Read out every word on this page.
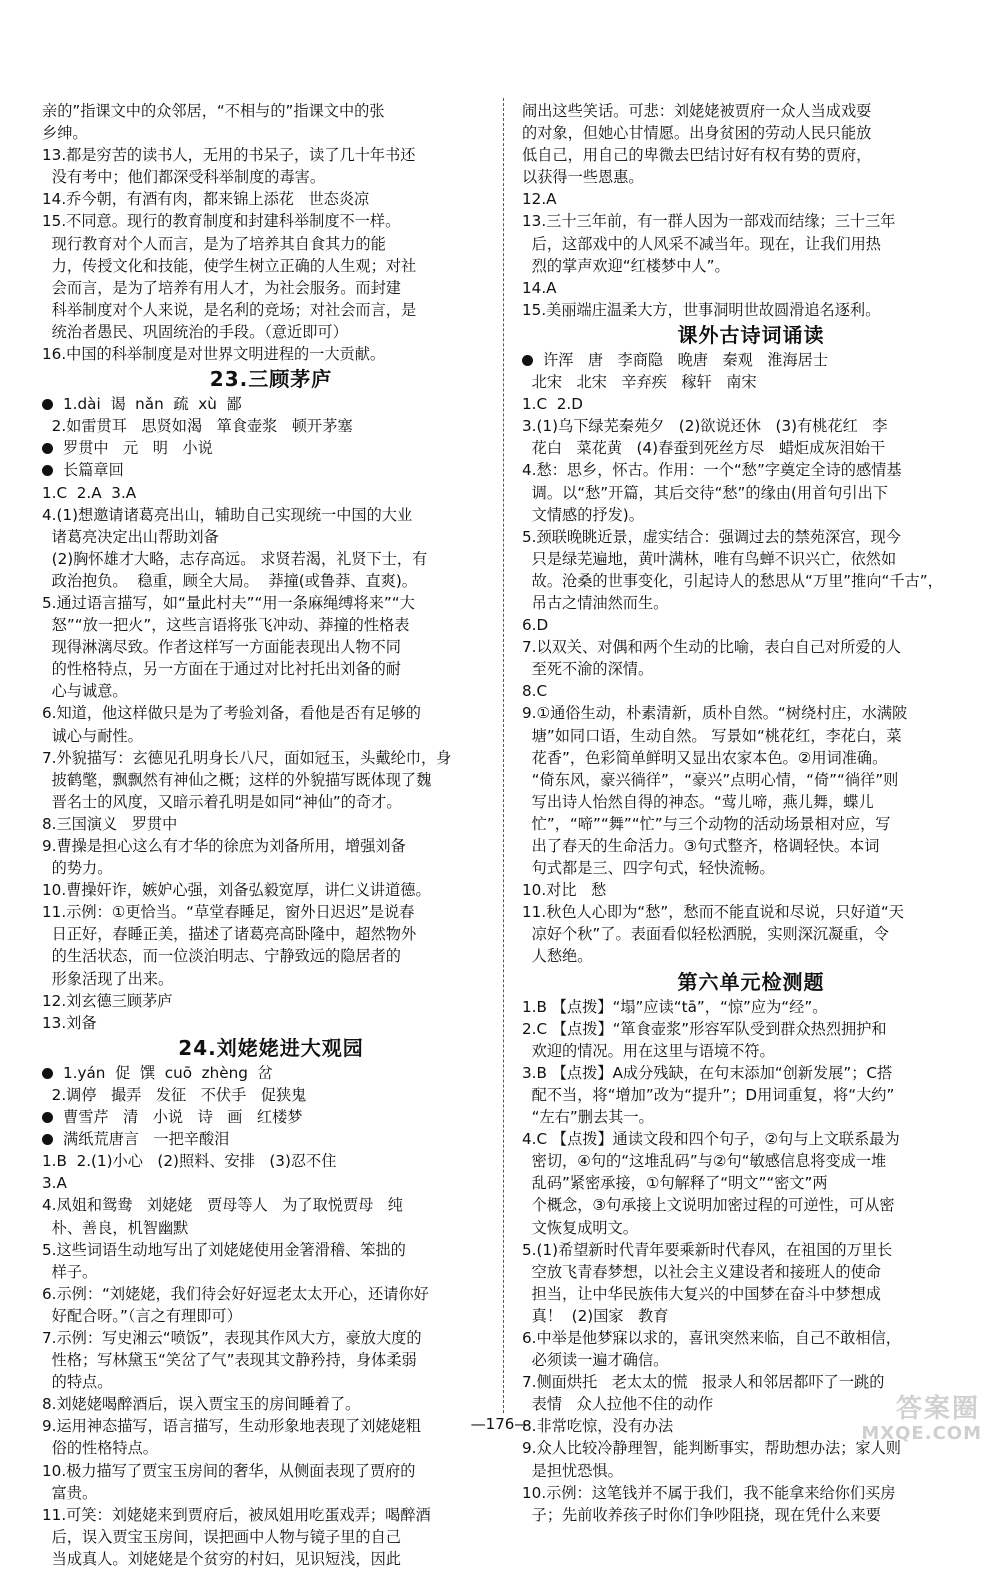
亲的”指课文中的众邻居，“不相与的”指课文中的张
乡绅。
13.都是穷苦的读书人，无用的书呆子，读了几十年书还
没有考中；他们都深受科举制度的毒害。
14.乔今朝，有酒有肉，都来锦上添花   世态炎凉
15.不同意。现行的教育制度和封建科举制度不一样。
现行教育对个人而言，是为了培养其自食其力的能
力，传授文化和技能，使学生树立正确的人生观；对社
会而言，是为了培养有用人才，为社会服务。而封建
科举制度对个人来说，是名利的竞场；对社会而言，是
统治者愚民、巩固统治的手段。（意近即可）
16.中国的科举制度是对世界文明进程的一大贡献。
23.三顾茅庐
1.dài  谒  nǎn  疏  xù  鄙
2.如雷贯耳   思贤如渴   箪食壶浆   顿开茅塞
罗贯中   元   明   小说
长篇章回
1.C  2.A  3.A
4.(1)想邀请诸葛亮出山，辅助自己实现统一中国的大业
诸葛亮决定出山帮助刘备
(2)胸怀雄才大略，志存高远。 求贤若渴，礼贤下士，有
政治抱负。  稳重，顾全大局。  莽撞(或鲁莽、直爽)。
5.通过语言描写，如“量此村夫”“用一条麻绳缚将来”“大
怒”“放一把火”，这些言语将张飞冲动、莽撞的性格表
现得淋漓尽致。作者这样写一方面能表现出人物不同
的性格特点，另一方面在于通过对比衬托出刘备的耐
心与诚意。
6.知道，他这样做只是为了考验刘备，看他是否有足够的
诚心与耐性。
7.外貌描写：玄德见孔明身长八尺，面如冠玉，头戴纶巾，身
披鹤氅，飘飘然有神仙之概；这样的外貌描写既体现了魏
晋名士的风度，又暗示着孔明是如同“神仙”的奇才。
8.三国演义   罗贯中
9.曹操是担心这么有才华的徐庶为刘备所用，增强刘备
的势力。
10.曹操奸诈，嫉妒心强，刘备弘毅宽厚，讲仁义讲道德。
11.示例：①更恰当。“草堂春睡足，窗外日迟迟”是说春
日正好，春睡正美，描述了诸葛亮高卧隆中，超然物外
的生活状态，而一位淡泊明志、宁静致远的隐居者的
形象活现了出来。
12.刘玄德三顾茅庐
13.刘备
24.刘姥姥进大观园
1.yán  促  馔  cuō  zhèng  岔
2.调停   撮弄   发征   不伏手   促狭鬼
曹雪芹   清   小说   诗   画   红楼梦
满纸荒唐言   一把辛酸泪
1.B  2.(1)小心   (2)照料、安排   (3)忍不住
3.A
4.凤姐和鸳鸯   刘姥姥   贾母等人   为了取悦贾母   纯
朴、善良，机智幽默
5.这些词语生动地写出了刘姥姥使用金箸滑稽、笨拙的
样子。
6.示例：“刘姥姥，我们待会好好逗老太太开心，还请你好
好配合呀。”（言之有理即可）
7.示例：写史湘云“喷饭”，表现其作风大方，豪放大度的
性格；写林黛玉“笑岔了气”表现其文静矜持，身体柔弱
的特点。
8.刘姥姥喝醉酒后，误入贾宝玉的房间睡着了。
9.运用神态描写，语言描写，生动形象地表现了刘姥姥粗
俗的性格特点。
10.极力描写了贾宝玉房间的奢华，从侧面表现了贾府的
富贵。
11.可笑：刘姥姥来到贾府后，被凤姐用吃蛋戏弄；喝醉酒
后，误入贾宝玉房间，误把画中人物与镜子里的自己
当成真人。刘姥姥是个贫穷的村妇，见识短浅，因此
闹出这些笑话。可悲：刘姥姥被贾府一众人当成戏耍
的对象，但她心甘情愿。出身贫困的劳动人民只能放
低自己，用自己的卑微去巴结讨好有权有势的贾府，
以获得一些恩惠。
12.A
13.三十三年前，有一群人因为一部戏而结缘；三十三年
后，这部戏中的人风采不减当年。现在，让我们用热
烈的掌声欢迎“红楼梦中人”。
14.A
15.美丽端庄温柔大方，世事洞明世故圆滑追名逐利。
课外古诗词诵读
许浑   唐   李商隐   晚唐   秦观   淮海居士
北宋   北宋   辛弃疾   稼轩   南宋
1.C  2.D
3.(1)乌下绿芜秦苑夕   (2)欲说还休   (3)有桃花红   李
花白   菜花黄   (4)春蚕到死丝方尽   蜡炬成灰泪始干
4.愁：思乡，怀古。作用：一个“愁”字奠定全诗的感情基
调。以“愁”开篇，其后交待“愁”的缘由(用首句引出下
文情感的抒发)。
5.颈联晚眺近景，虚实结合：强调过去的禁苑深宫，现今
只是绿芜遍地，黄叶满林，唯有鸟蝉不识兴亡，依然如
故。沧桑的世事变化，引起诗人的愁思从“万里”推向“千古”，
吊古之情油然而生。
6.D
7.以双关、对偶和两个生动的比喻，表白自己对所爱的人
至死不渝的深情。
8.C
9.①通俗生动，朴素清新，质朴自然。“树绕村庄，水满陂
塘”如同口语，生动自然。 写景如“桃花红，李花白，菜
花香”，色彩简单鲜明又显出农家本色。②用词准确。
“倚东风，豪兴徜徉”，“豪兴”点明心情，“倚”“徜徉”则
写出诗人怡然自得的神态。“莺儿啼，燕儿舞，蝶儿
忙”，“啼”“舞”“忙”与三个动物的活动场景相对应，写
出了春天的生命活力。③句式整齐，格调轻快。本词
句式都是三、四字句式，轻快流畅。
10.对比   愁
11.秋色人心即为“愁”，愁而不能直说和尽说，只好道“天
凉好个秋”了。表面看似轻松洒脱，实则深沉凝重，令
人愁绝。
第六单元检测题
1.B 【点拨】“塌”应读“tā”，“惊”应为“经”。
2.C 【点拨】“箪食壶浆”形容军队受到群众热烈拥护和
欢迎的情况。用在这里与语境不符。
3.B 【点拨】A成分残缺，在句末添加“创新发展”；C搭
配不当，将“增加”改为“提升”；D用词重复，将“大约”
“左右”删去其一。
4.C 【点拨】通读文段和四个句子，②句与上文联系最为
密切，④句的“这堆乱码”与②句“敏感信息将变成一堆
乱码”紧密承接，①句解释了“明文”“密文”两
个概念，③句承接上文说明加密过程的可逆性，可从密
文恢复成明文。
5.(1)希望新时代青年要乘新时代春风，在祖国的万里长
空放飞青春梦想，以社会主义建设者和接班人的使命
担当，让中华民族伟大复兴的中国梦在奋斗中梦想成
真！  (2)国家   教育
6.中举是他梦寐以求的，喜讯突然来临，自己不敢相信，
必须读一遍才确信。
7.侧面烘托   老太太的慌   报录人和邻居都吓了一跳的
表情   众人拉他不住的动作
8.非常吃惊，没有办法
9.众人比较冷静理智，能判断事实，帮助想办法；家人则
是担忧恐惧。
10.示例：这笔钱并不属于我们，我不能拿来给你们买房
子；先前收养孩子时你们争吵阻挠，现在凭什么来要
—176—	答案圈
MXQE.COM
